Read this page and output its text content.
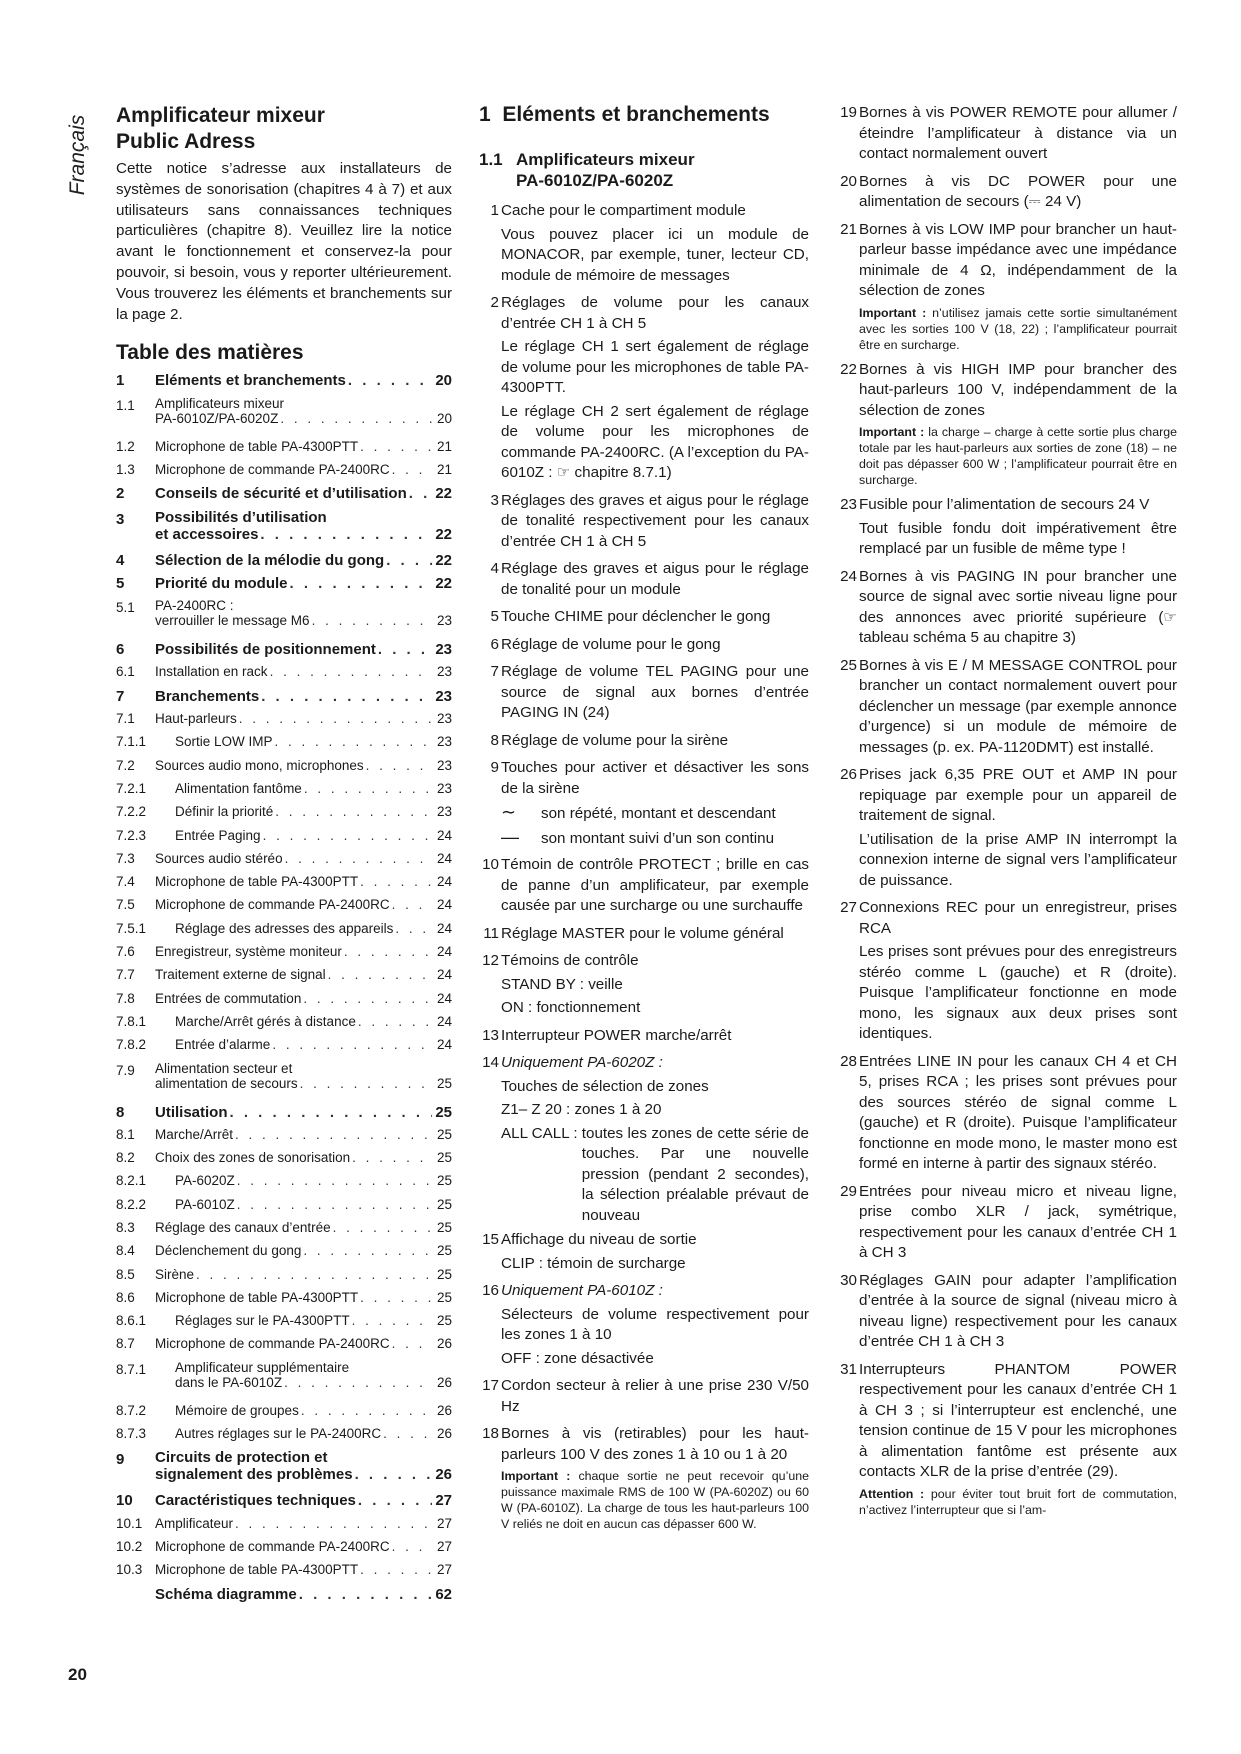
Français Amplificateur mixeur
Public Adress

Cette notice s’adresse aux installateurs de systèmes de sonorisation (chapitres 4 à 7) et aux utilisateurs sans connaissances techniques particulières (chapitre 8). Veuillez lire la notice avant le fonctionnement et conservez-la pour pouvoir, si besoin, vous y reporter ultérieurement. Vous trouverez les éléments et branchements sur la page 2.

Table des matières
1	Eléments et branchements . . .	20
1.1	Amplificateurs mixeur
PA-6010Z/PA-6020Z . . .	20
1.2	Microphone de table PA-4300PTT . . .	21
1.3	Microphone de commande PA-2400RC . . .	21
2	Conseils de sécurité et d’utilisation . . . 22
3	Possibilités d’utilisation
et accessoires . . .	22
4	Sélection de la mélodie du gong . . .	22
5	Priorité du module . . .	22
5.1	PA-2400RC :
verrouiller le message M6 . . .	23
6	Possibilités de positionnement . . .	23
6.1	Installation en rack . . .	23
7	Branchements . . .	23
7.1	Haut-parleurs . . .	23
7.1.1	Sortie LOW IMP . . .	23
7.2	Sources audio mono, microphones . . .	23
7.2.1	Alimentation fantôme . . .	23
7.2.2	Définir la priorité . . .	23
7.2.3	Entrée Paging . . .	24
7.3	Sources audio stéréo . . .	24
7.4	Microphone de table PA-4300PTT . . .	24
7.5	Microphone de commande PA-2400RC . . .	24
7.5.1	Réglage des adresses des appareils . . .	24
7.6	Enregistreur, système moniteur . . .	24
7.7	Traitement externe de signal . . .	24
7.8	Entrées de commutation . . .	24
7.8.1	Marche/Arrêt gérés à distance . . .	24
7.8.2	Entrée d’alarme . . .	24
7.9	Alimentation secteur et
alimentation de secours . . .	25
8	Utilisation . . .	25
8.1	Marche/Arrêt . . .	25
8.2	Choix des zones de sonorisation . . .	25
8.2.1	PA-6020Z . . .	25
8.2.2	PA-6010Z . . .	25
8.3	Réglage des canaux d’entrée . . .	25
8.4	Déclenchement du gong . . .	25
8.5	Sirène . . .	25
8.6	Microphone de table PA-4300PTT . . .	25
8.6.1	Réglages sur le PA-4300PTT . . .	25
8.7	Microphone de commande PA-2400RC . . .	26
8.7.1	Amplificateur supplémentaire
dans le PA-6010Z . . .	26
8.7.2	Mémoire de groupes . . .	26
8.7.3	Autres réglages sur le PA-2400RC . . .	26
9	Circuits de protection et
signalement des problèmes . . .	26
10	Caractéristiques techniques . . .	27
10.1 Amplificateur . . .	27
10.2 Microphone de commande PA-2400RC . . .	27
10.3 Microphone de table PA-4300PTT . . .	27
Schéma diagramme . . .	62
1 Eléments et branchements
1.1 Amplificateurs mixeur
PA-6010Z/PA-6020Z
1 Cache pour le compartiment module

Vous pouvez placer ici un module de MONACOR, par exemple, tuner, lecteur CD, module de mémoire de messages

2 Réglages de volume pour les canaux d’entrée CH 1 à CH 5

Le réglage CH 1 sert également de réglage de volume pour les microphones de table PA-4300PTT.

Le réglage CH 2 sert également de réglage de volume pour les microphones de commande PA-2400RC. (A l’exception du PA-6010Z : ☞ chapitre 8.7.1)

3 Réglages des graves et aigus pour le réglage de tonalité respectivement pour les canaux d’entrée CH 1 à CH 5

4 Réglage des graves et aigus pour le réglage de tonalité pour un module

5 Touche CHIME pour déclencher le gong

6 Réglage de volume pour le gong

7 Réglage de volume TEL PAGING pour une source de signal aux bornes d’entrée PAGING IN (24)

8 Réglage de volume pour la sirène

9 Touches pour activer et désactiver les sons de la sirène

∼	son répété, montant et descendant
—	son montant suivi d’un son continu
10 Témoin de contrôle PROTECT ; brille en cas de panne d’un amplificateur, par exemple causée par une surcharge ou une surchauffe

11 Réglage MASTER pour le volume général

12 Témoins de contrôle

STAND BY : veille

ON : fonctionnement

13 Interrupteur POWER marche/arrêt

14 Uniquement PA-6020Z :

Touches de sélection de zones

Z1– Z 20 : zones 1 à 20

ALL CALL :
toutes les zones de cette série de touches. Par une nouvelle pression (pendant 2 secondes), la sélection préalable prévaut de nouveau
15 Affichage du niveau de sortie

CLIP : témoin de surcharge

16 Uniquement PA-6010Z :

Sélecteurs de volume respectivement pour les zones 1 à 10

OFF : zone désactivée

17 Cordon secteur à relier à une prise 230 V/50 Hz

18 Bornes à vis (retirables) pour les haut-parleurs 100 V des zones 1 à 10 ou 1 à 20

Important : chaque sortie ne peut recevoir qu’une puissance maximale RMS de 100 W (PA-6020Z) ou 60 W (PA-6010Z). La charge de tous les haut-parleurs 100 V reliés ne doit en aucun cas dépasser 600 W.

19 Bornes à vis POWER REMOTE pour allumer /éteindre l’amplificateur à distance via un contact normalement ouvert

20 Bornes à vis DC POWER pour une alimentation de secours (⎓ 24 V)

21 Bornes à vis LOW IMP pour brancher un haut-parleur basse impédance avec une impédance minimale de 4 Ω, indépendamment de la sélection de zones

Important : n’utilisez jamais cette sortie simultanément avec les sorties 100 V (18, 22) ; l’amplificateur pourrait être en surcharge.

22 Bornes à vis HIGH IMP pour brancher des haut-parleurs 100 V, indépendamment de la sélection de zones

Important : la charge – charge à cette sortie plus charge totale par les haut-parleurs aux sorties de zone (18) – ne doit pas dépasser 600 W ; l’amplificateur pourrait être en surcharge.

23 Fusible pour l’alimentation de secours 24 V

Tout fusible fondu doit impérativement être remplacé par un fusible de même type !

24 Bornes à vis PAGING IN pour brancher une source de signal avec sortie niveau ligne pour des annonces avec priorité supérieure (☞ tableau schéma 5 au chapitre 3)

25 Bornes à vis E / M MESSAGE CONTROL pour brancher un contact normalement ouvert pour déclencher un message (par exemple annonce d’urgence) si un module de mémoire de messages (p. ex. PA-1120DMT) est installé.

26 Prises jack 6,35 PRE OUT et AMP IN pour repiquage par exemple pour un appareil de traitement de signal.

L’utilisation de la prise AMP IN interrompt la connexion interne de signal vers l’amplificateur de puissance.

27 Connexions REC pour un enregistreur, prises RCA

Les prises sont prévues pour des enregistreurs stéréo comme L (gauche) et R (droite). Puisque l’amplificateur fonctionne en mode mono, les signaux aux deux prises sont identiques.

28 Entrées LINE IN pour les canaux CH 4 et CH 5, prises RCA ; les prises sont prévues pour des sources stéréo de signal comme L (gauche) et R (droite). Puisque l’amplificateur fonctionne en mode mono, le master mono est formé en interne à partir des signaux stéréo.

29 Entrées pour niveau micro et niveau ligne, prise combo XLR / jack, symétrique, respectivement pour les canaux d’entrée CH 1 à CH 3

30 Réglages GAIN pour adapter l’amplification d’entrée à la source de signal (niveau micro à niveau ligne) respectivement pour les canaux d’entrée CH 1 à CH 3

31 Interrupteurs PHANTOM POWER respectivement pour les canaux d’entrée CH 1 à CH 3 ; si l’interrupteur est enclenché, une tension continue de 15 V pour les microphones à alimentation fantôme est présente aux contacts XLR de la prise d’entrée (29).

Attention : pour éviter tout bruit fort de commutation, n’activez l’interrupteur que si l’am-

20
